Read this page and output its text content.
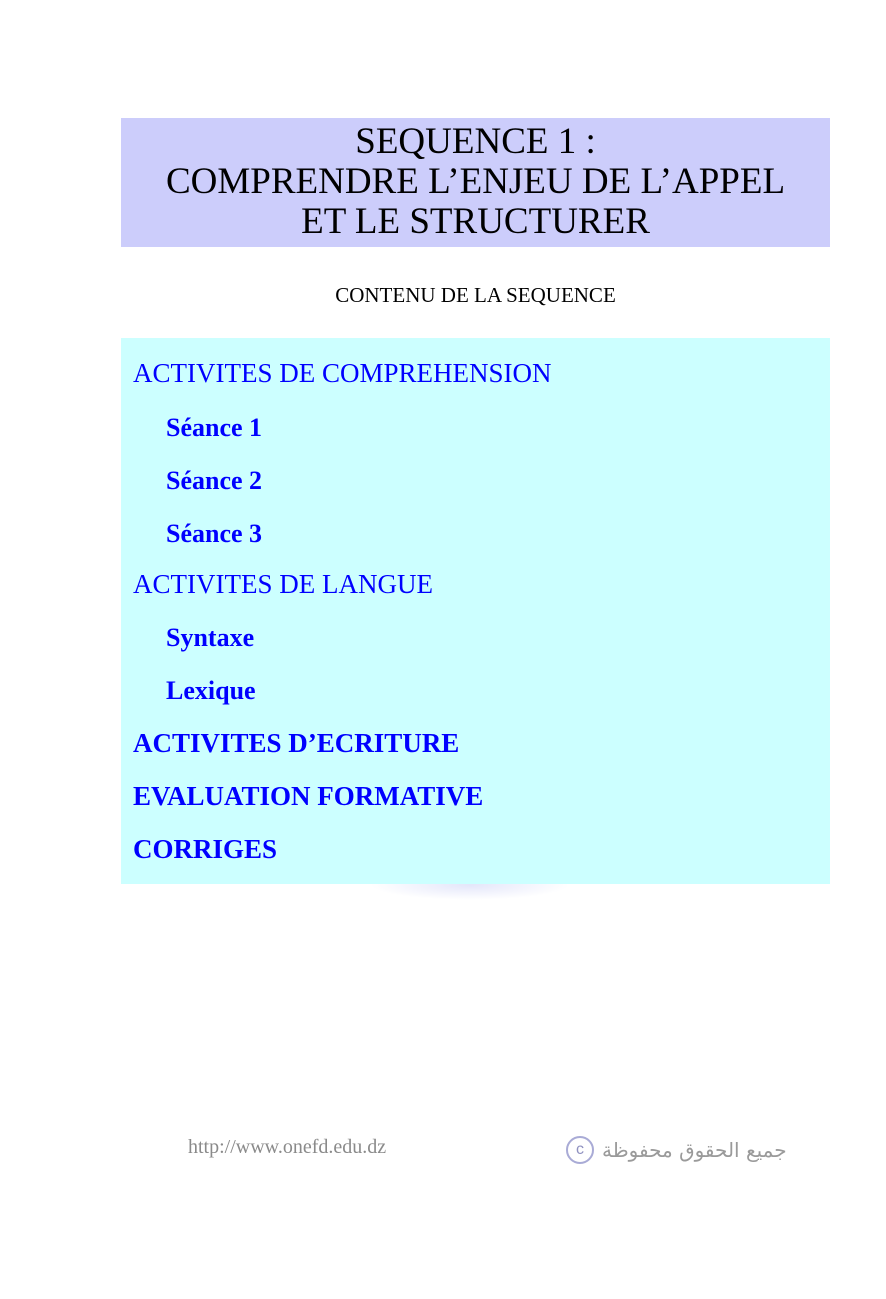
SEQUENCE 1 :
COMPRENDRE L’ENJEU DE L’APPEL
ET LE STRUCTURER
CONTENU DE LA SEQUENCE
ACTIVITES DE COMPREHENSION
Séance 1
Séance 2
Séance 3
ACTIVITES DE LANGUE
Syntaxe
Lexique
ACTIVITES D’ECRITURE
EVALUATION FORMATIVE
CORRIGES
http://www.onefd.edu.dz	c جميع الحقوق محفوظة
